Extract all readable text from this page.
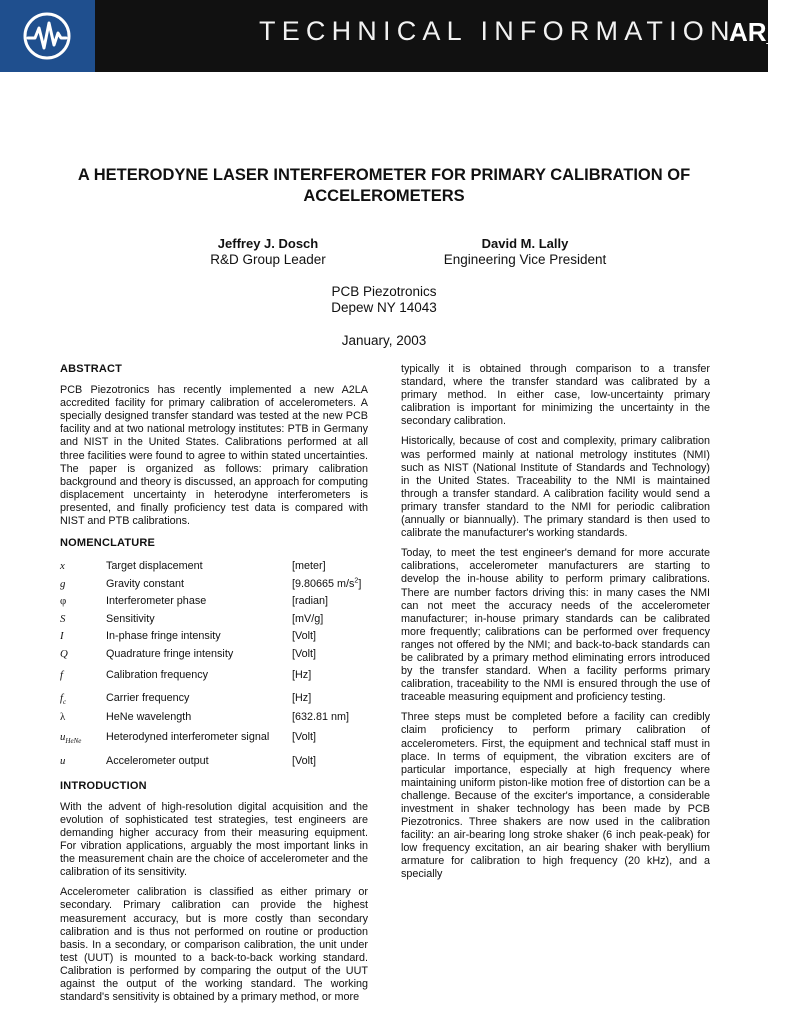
TECHNICAL INFORMATION
AR_79
A HETERODYNE LASER INTERFEROMETER FOR PRIMARY CALIBRATION OF ACCELEROMETERS
Jeffrey J. Dosch
R&D Group Leader
David M. Lally
Engineering Vice President
PCB Piezotronics
Depew NY 14043
January, 2003
ABSTRACT

PCB Piezotronics has recently implemented a new A2LA accredited facility for primary calibration of accelerometers. A specially designed transfer standard was tested at the new PCB facility and at two national metrology institutes: PTB in Germany and NIST in the United States. Calibrations performed at all three facilities were found to agree to within stated uncertainties. The paper is organized as follows: primary calibration background and theory is discussed, an approach for computing displacement uncertainty in heterodyne interferometers is presented, and finally proficiency test data is compared with NIST and PTB calibrations.

NOMENCLATURE
x	Target displacement	[meter]
g	Gravity constant	[9.80665 $m/s^2$]
φ	Interferometer phase	[radian]
S	Sensitivity	[mV/g]
I	In-phase fringe intensity	[Volt]
Q	Quadrature fringe intensity	[Volt]
f	Calibration frequency	[Hz]
$f_c$	Carrier frequency	[Hz]
λ	HeNe wavelength	[632.81 nm]
$u_{HeNe}$	Heterodyned interferometer signal	[Volt]
u	Accelerometer output	[Volt]
INTRODUCTION

With the advent of high-resolution digital acquisition and the evolution of sophisticated test strategies, test engineers are demanding higher accuracy from their measuring equipment. For vibration applications, arguably the most important links in the measurement chain are the choice of accelerometer and the calibration of its sensitivity.

Accelerometer calibration is classified as either primary or secondary. Primary calibration can provide the highest measurement accuracy, but is more costly than secondary calibration and is thus not performed on routine or production basis. In a secondary, or comparison calibration, the unit under test (UUT) is mounted to a back-to-back working standard. Calibration is performed by comparing the output of the UUT against the output of the working standard. The working standard's sensitivity is obtained by a primary method, or more

typically it is obtained through comparison to a transfer standard, where the transfer standard was calibrated by a primary method. In either case, low-uncertainty primary calibration is important for minimizing the uncertainty in the secondary calibration.

Historically, because of cost and complexity, primary calibration was performed mainly at national metrology institutes (NMI) such as NIST (National Institute of Standards and Technology) in the United States. Traceability to the NMI is maintained through a transfer standard. A calibration facility would send a primary transfer standard to the NMI for periodic calibration (annually or biannually). The primary standard is then used to calibrate the manufacturer's working standards.

Today, to meet the test engineer's demand for more accurate calibrations, accelerometer manufacturers are starting to develop the in-house ability to perform primary calibrations. There are number factors driving this: in many cases the NMI can not meet the accuracy needs of the accelerometer manufacturer; in-house primary standards can be calibrated more frequently; calibrations can be performed over frequency ranges not offered by the NMI; and back-to-back standards can be calibrated by a primary method eliminating errors introduced by the transfer standard. When a facility performs primary calibration, traceability to the NMI is ensured through the use of traceable measuring equipment and proficiency testing.

Three steps must be completed before a facility can credibly claim proficiency to perform primary calibration of accelerometers. First, the equipment and technical staff must in place. In terms of equipment, the vibration exciters are of particular importance, especially at high frequency where maintaining uniform piston-like motion free of distortion can be a challenge. Because of the exciter's importance, a considerable investment in shaker technology has been made by PCB Piezotronics. Three shakers are now used in the calibration facility: an air-bearing long stroke shaker (6 inch peak-peak) for low frequency excitation, an air bearing shaker with beryllium armature for calibration to high frequency (20 kHz), and a specially
